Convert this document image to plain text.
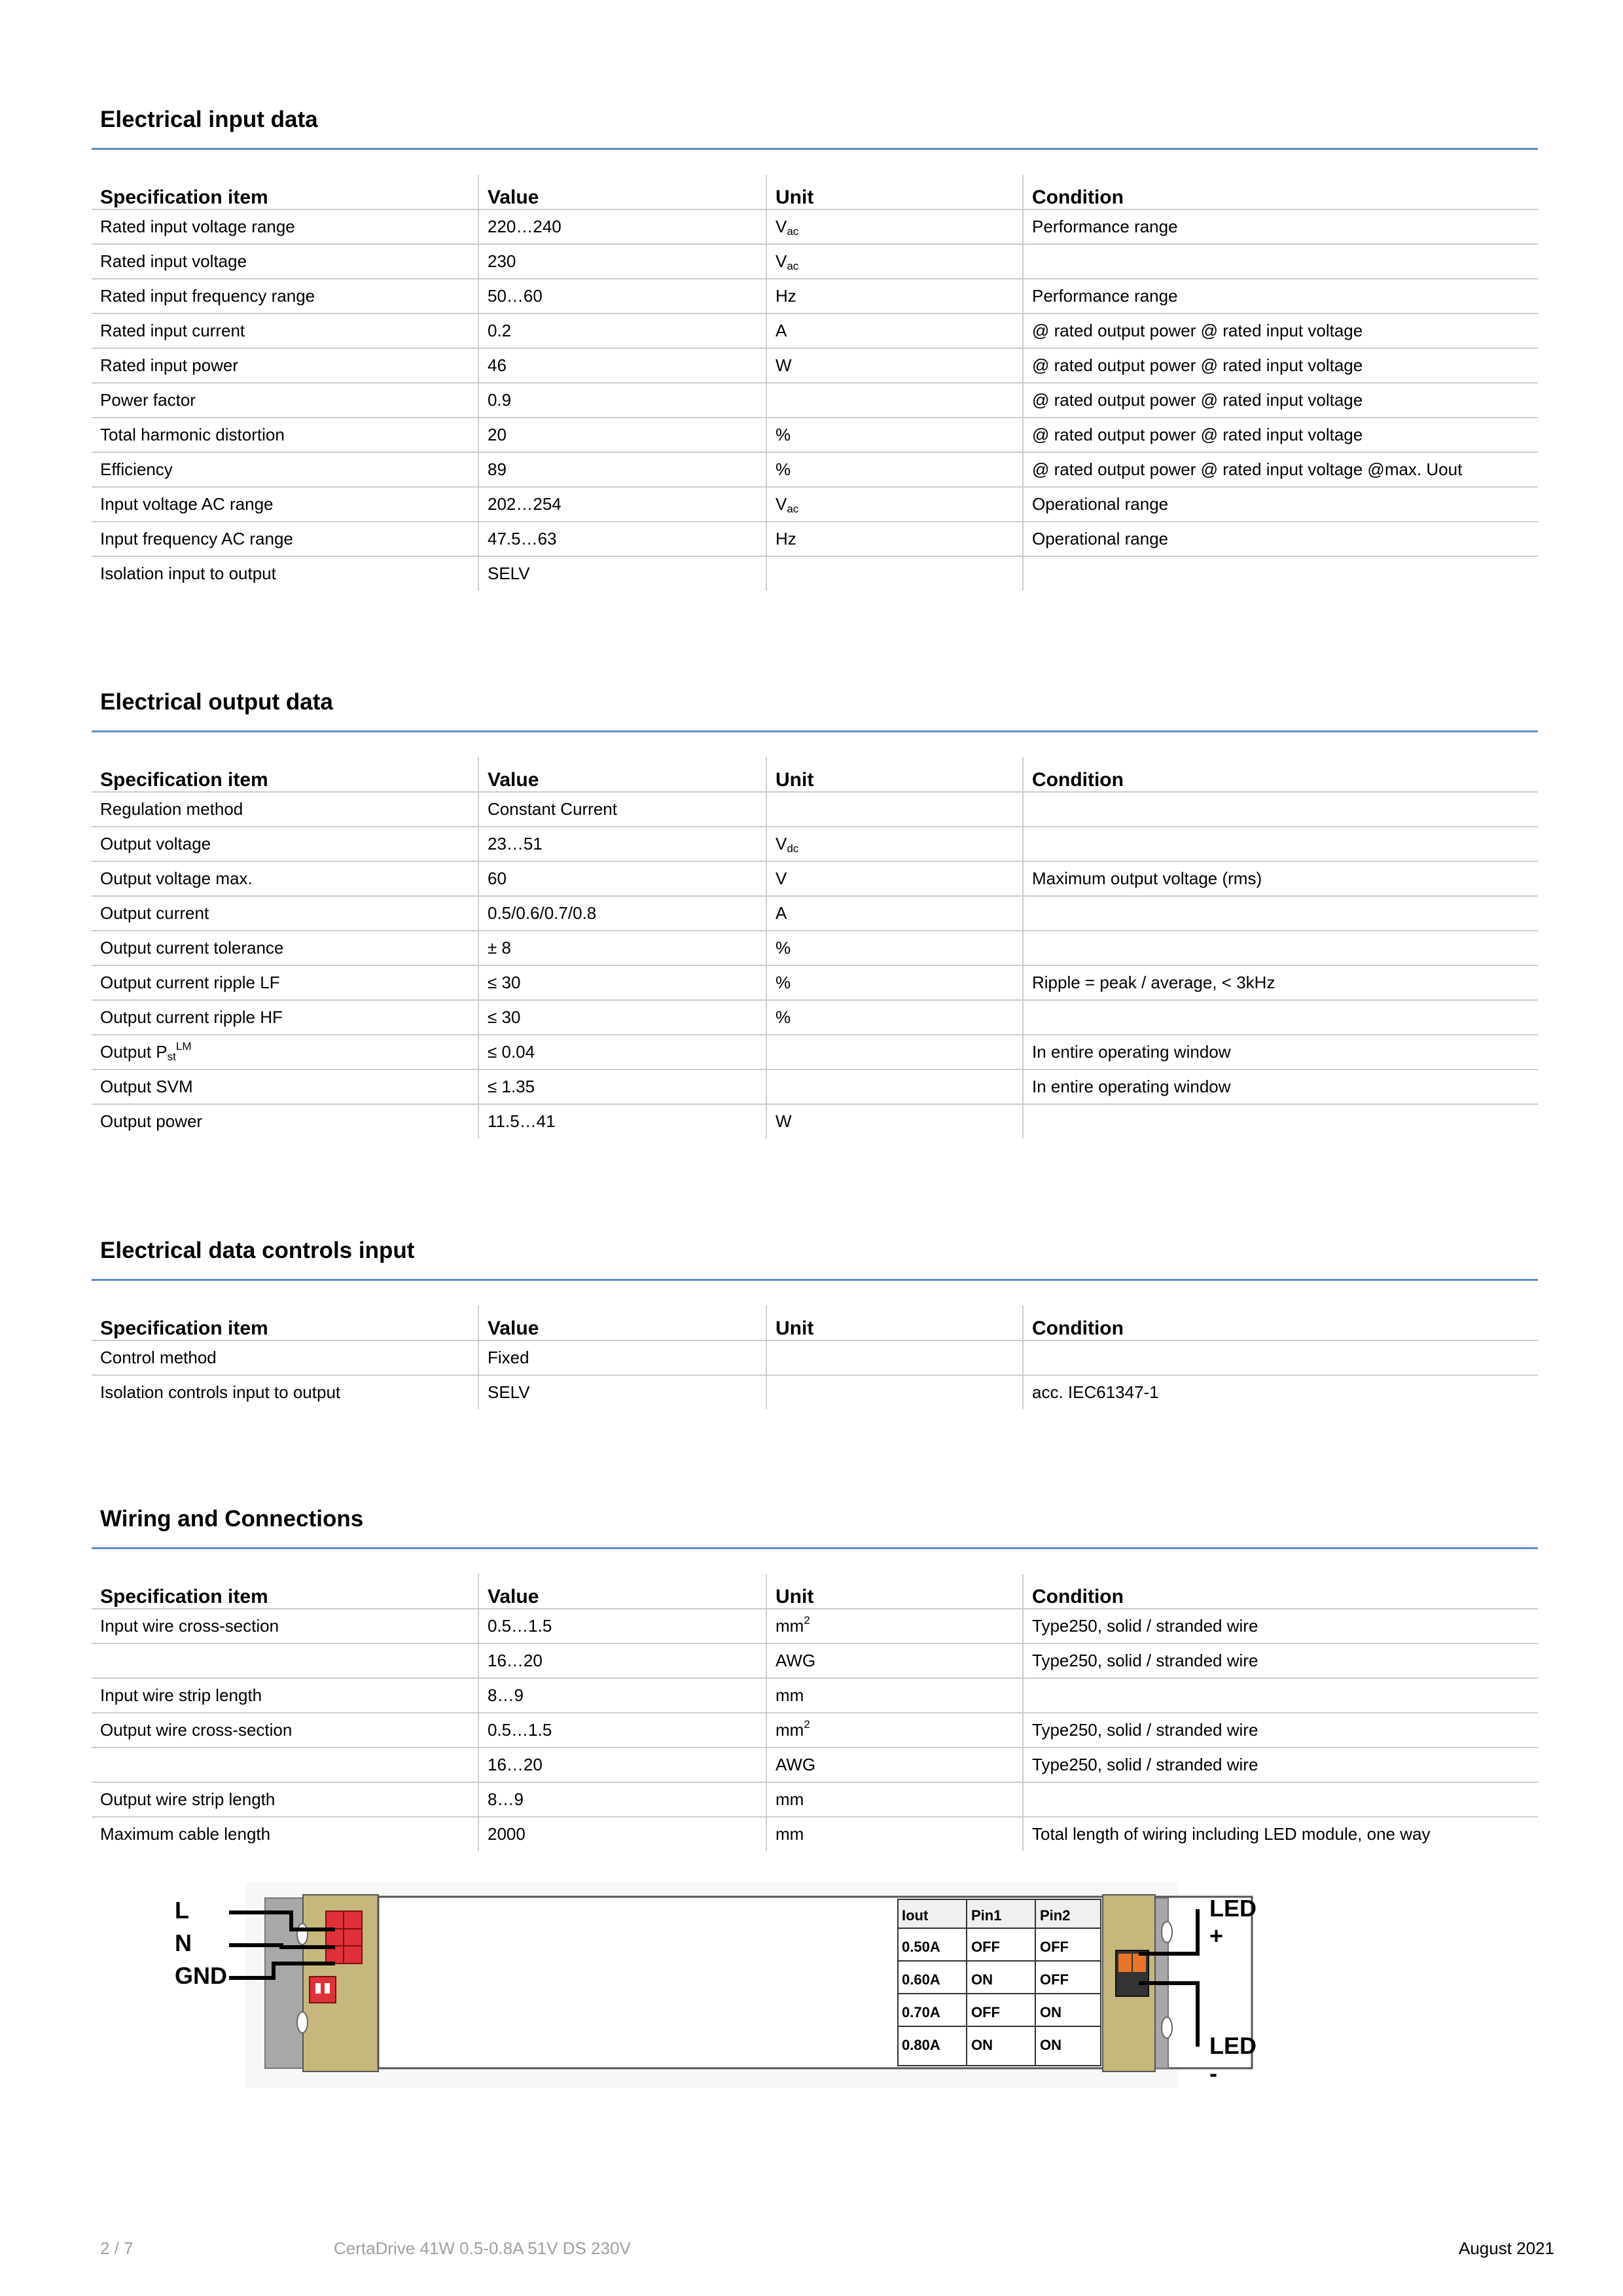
Electrical input data
Specification item	Value	Unit	Condition
Rated input voltage range	220…240	$V_{ac}$	Performance range
Rated input voltage	230	$V_{ac}$	
Rated input frequency range	50…60	Hz	Performance range
Rated input current	0.2	A	@ rated output power @ rated input voltage
Rated input power	46	W	@ rated output power @ rated input voltage
Power factor	0.9		@ rated output power @ rated input voltage
Total harmonic distortion	20	%	@ rated output power @ rated input voltage
Efficiency	89	%	@ rated output power @ rated input voltage @max. Uout
Input voltage AC range	202…254	$V_{ac}$	Operational range
Input frequency AC range	47.5…63	Hz	Operational range
Isolation input to output	SELV		
Electrical output data
Specification item	Value	Unit	Condition
Regulation method	Constant Current		
Output voltage	23…51	$V_{dc}$	
Output voltage max.	60	V	Maximum output voltage (rms)
Output current	0.5/0.6/0.7/0.8	A	
Output current tolerance	± 8	%	
Output current ripple LF	≤ 30	%	Ripple = peak / average, < 3kHz
Output current ripple HF	≤ 30	%	
Output $P_{st}^{LM}$	≤ 0.04		In entire operating window
Output SVM	≤ 1.35		In entire operating window
Output power	11.5…41	W	
Electrical data controls input
Specification item	Value	Unit	Condition
Control method	Fixed		
Isolation controls input to output	SELV		acc. IEC61347-1
Wiring and Connections
Specification item	Value	Unit	Condition
Input wire cross-section	0.5…1.5	$mm^2$	Type250, solid / stranded wire
	16…20	AWG	Type250, solid / stranded wire
Input wire strip length	8…9	mm	
Output wire cross-section	0.5…1.5	$mm^2$	Type250, solid / stranded wire
	16…20	AWG	Type250, solid / stranded wire
Output wire strip length	8…9	mm	
Maximum cable length	2000	mm	Total length of wiring including LED module, one way
Iout	Pin1	Pin2
0.50A OFF	OFF
0.60A ON	OFF
0.70A OFF	ON
0.80A ON	ON
L
N
GND
LED +
LED -
2 / 7	CertaDrive 41W 0.5-0.8A 51V DS 230V	August 2021
